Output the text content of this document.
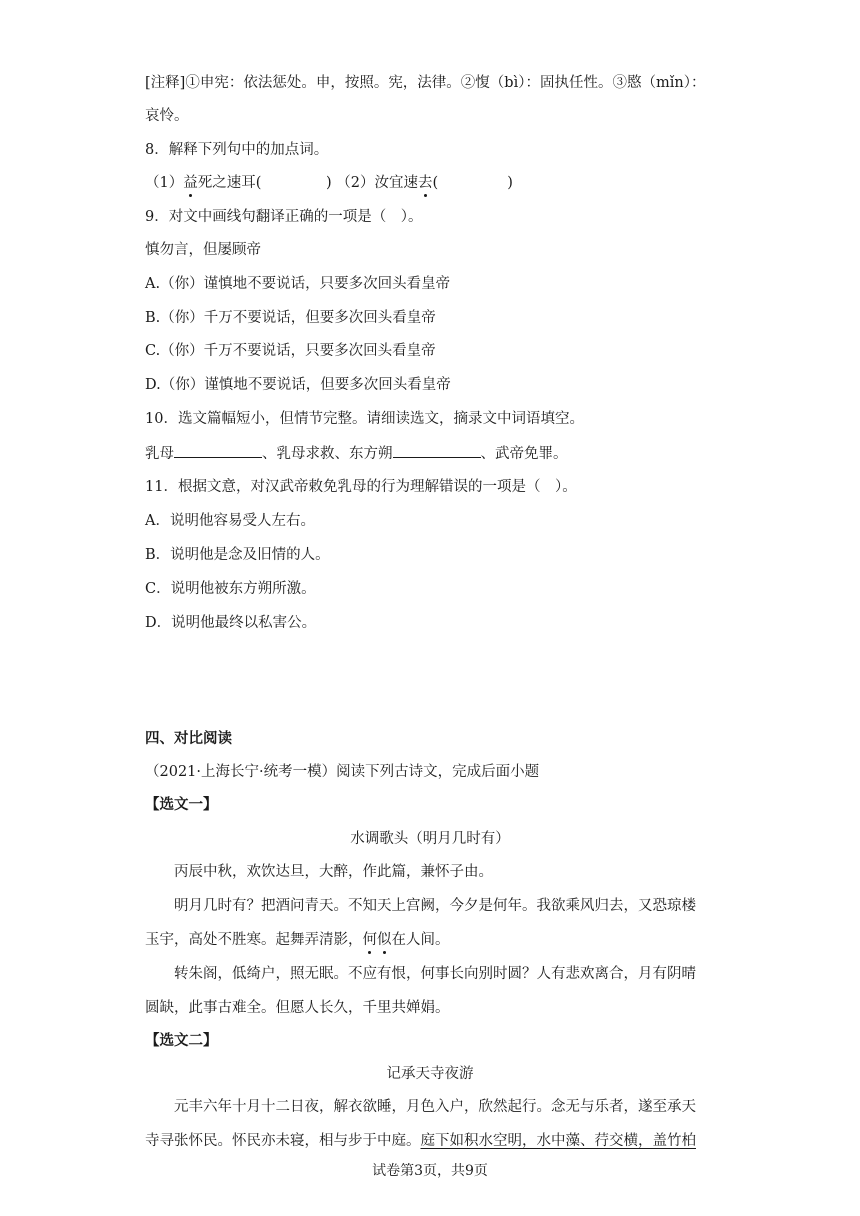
[注释]①申宪：依法惩处。申，按照。宪，法律。②愎（bì）：固执任性。③愍（mǐn）：
哀怜。
8．解释下列句中的加点词。
（1）益死之速耳(	) （2）汝宜速去(	)
9．对文中画线句翻译正确的一项是（　）。
慎勿言，但屡顾帝
A.（你）谨慎地不要说话，只要多次回头看皇帝
B.（你）千万不要说话，但要多次回头看皇帝
C.（你）千万不要说话，只要多次回头看皇帝
D.（你）谨慎地不要说话，但要多次回头看皇帝
10．选文篇幅短小，但情节完整。请细读选文，摘录文中词语填空。
乳母	、乳母求救、东方朔	、武帝免罪。
11．根据文意，对汉武帝敕免乳母的行为理解错误的一项是（　）。
A．说明他容易受人左右。
B．说明他是念及旧情的人。
C．说明他被东方朔所激。
D．说明他最终以私害公。
四、对比阅读
（2021·上海长宁·统考一模）阅读下列古诗文，完成后面小题
【选文一】
水调歌头（明月几时有）
丙辰中秋，欢饮达旦，大醉，作此篇，兼怀子由。
明月几时有？把酒问青天。不知天上宫阙，今夕是何年。我欲乘风归去，又恐琼楼
玉宇，高处不胜寒。起舞弄清影，何似在人间。
转朱阁，低绮户，照无眠。不应有恨，何事长向别时圆？人有悲欢离合，月有阴晴
圆缺，此事古难全。但愿人长久，千里共婵娟。
【选文二】
记承天寺夜游
元丰六年十月十二日夜，解衣欲睡，月色入户，欣然起行。念无与乐者，遂至承天
寺寻张怀民。怀民亦未寝，相与步于中庭。庭下如积水空明，水中藻、荇交横，盖竹柏
试卷第3页，共9页
